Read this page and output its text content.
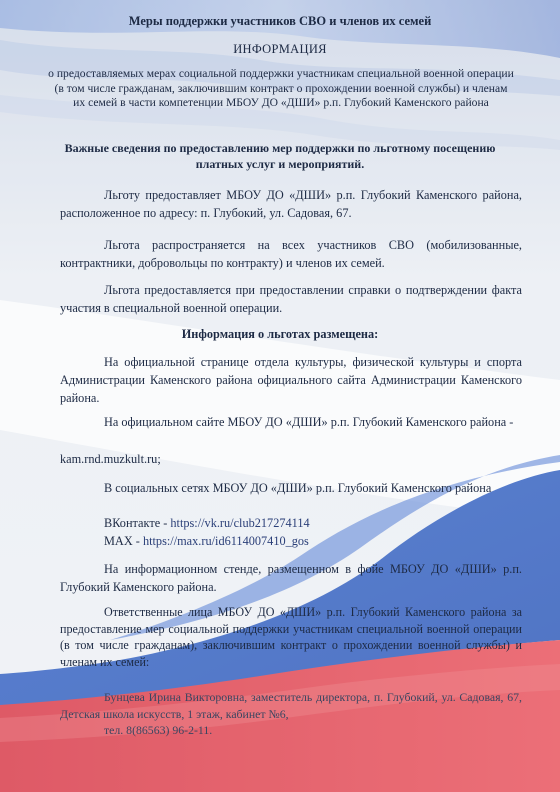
Меры поддержки участников СВО и членов их семей

ИНФОРМАЦИЯ

о предоставляемых мерах социальной поддержки участникам специальной военной операции (в том числе гражданам, заключившим контракт о прохождении военной службы) и членам их семей в части компетенции МБОУ ДО «ДШИ» р.п. Глубокий Каменского района

Важные сведения по предоставлению мер поддержки по льготному посещению платных услуг и мероприятий.

Льготу предоставляет МБОУ ДО «ДШИ» р.п. Глубокий Каменского района, расположенное по адресу: п. Глубокий, ул. Садовая, 67.

Льгота распространяется на всех участников СВО (мобилизованные, контрактники, добровольцы по контракту) и членов их семей.

Льгота предоставляется при предоставлении справки о подтверждении факта участия в специальной военной операции.

Информация о льготах размещена:

На официальной странице отдела культуры, физической культуры и спорта Администрации Каменского района официального сайта Администрации Каменского района.

На официальном сайте МБОУ ДО «ДШИ» р.п. Глубокий Каменского района -

kam.rnd.muzkult.ru;

В социальных сетях МБОУ ДО «ДШИ» р.п. Глубокий Каменского района

ВКонтакте - https://vk.ru/club217274114
MAX - https://max.ru/id6114007410_gos

На информационном стенде, размещенном в фойе МБОУ ДО «ДШИ» р.п. Глубокий Каменского района.

Ответственные лица МБОУ ДО «ДШИ» р.п. Глубокий Каменского района за предоставление мер социальной поддержки участникам специальной военной операции (в том числе гражданам), заключившим контракт о прохождении военной службы) и членам их семей:

Бунцева Ирина Викторовна, заместитель директора, п. Глубокий, ул. Садовая, 67, Детская школа искусств, 1 этаж, кабинет №6,
тел. 8(86563) 96-2-11.
